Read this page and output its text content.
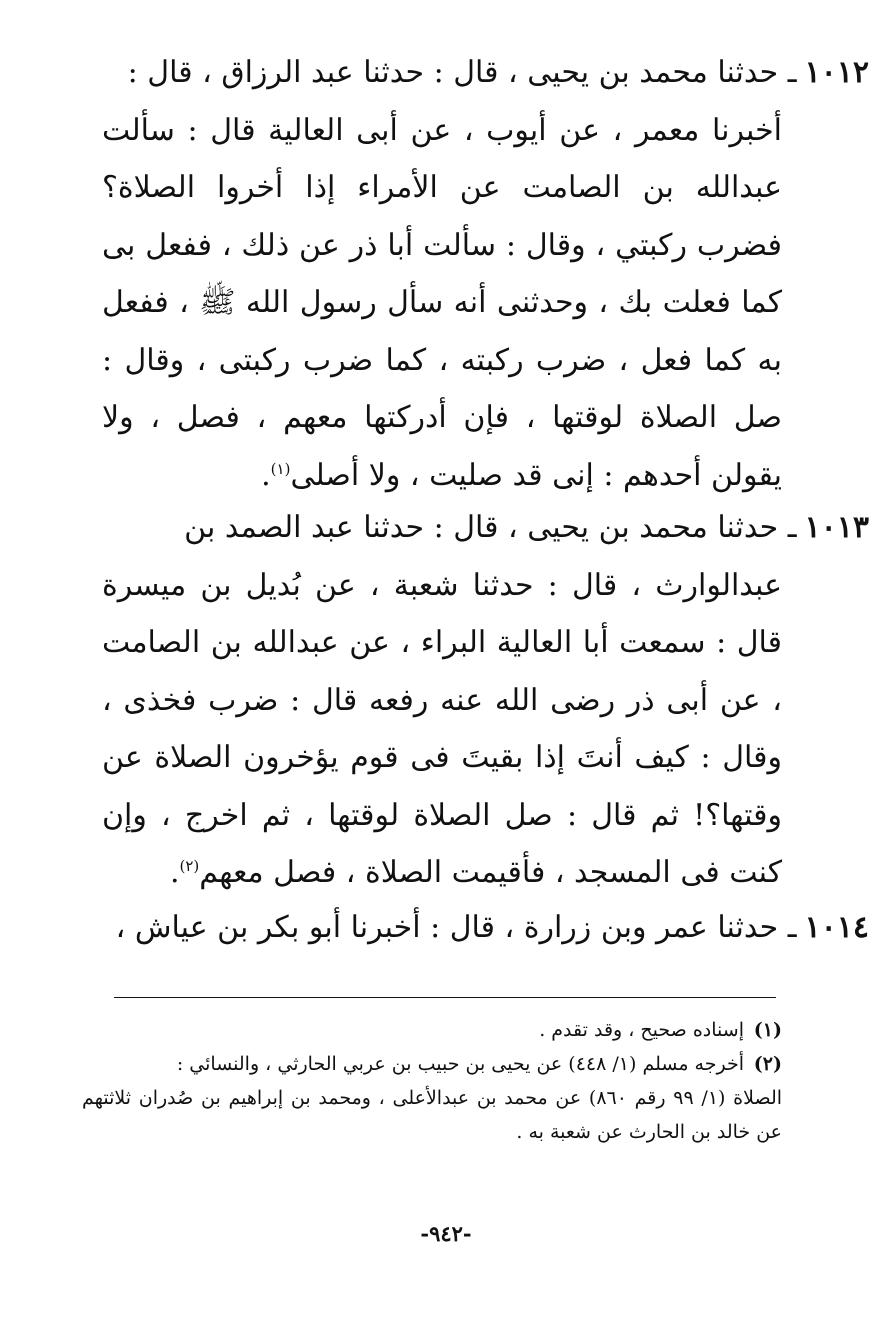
١٠١٢ـ حدثنا محمد بن يحيى ، قال : حدثنا عبد الرزاق ، قال :
أخبرنا معمر ، عن أيوب ، عن أبى العالية قال : سألت عبدالله بن الصامت عن الأمراء إذا أخروا الصلاة؟ فضرب ركبتي ، وقال : سألت أبا ذر عن ذلك ، ففعل بى كما فعلت بك ، وحدثنى أنه سأل رسول الله ﷺ ، ففعل به كما فعل ، ضرب ركبته ، كما ضرب ركبتى ، وقال : صل الصلاة لوقتها ، فإن أدركتها معهم ، فصل ، ولا يقولن أحدهم : إنى قد صليت ، ولا أصلى$^{(١)}$.
١٠١٣ـ حدثنا محمد بن يحيى ، قال : حدثنا عبد الصمد بن
عبدالوارث ، قال : حدثنا شعبة ، عن بُديل بن ميسرة قال : سمعت أبا العالية البراء ، عن عبدالله بن الصامت ، عن أبى ذر رضى الله عنه رفعه قال : ضرب فخذى ، وقال : كيف أنتَ إذا بقيتَ فى قوم يؤخرون الصلاة عن وقتها؟! ثم قال : صل الصلاة لوقتها ، ثم اخرج ، وإن كنت فى المسجد ، فأقيمت الصلاة ، فصل معهم$^{(٢)}$.
١٠١٤ـ حدثنا عمر وبن زرارة ، قال : أخبرنا أبو بكر بن عياش ،
(١)
إسناده صحيح ، وقد تقدم .
(٢)
أخرجه مسلم (١/ ٤٤٨) عن يحيى بن حبيب بن عربي الحارثي ، والنسائي :
الصلاة (١/ ٩٩ رقم ٨٦٠) عن محمد بن عبدالأعلى ، ومحمد بن إبراهيم بن صُدران ثلاثتهم عن خالد بن الحارث عن شعبة به .
-٩٤٢-
